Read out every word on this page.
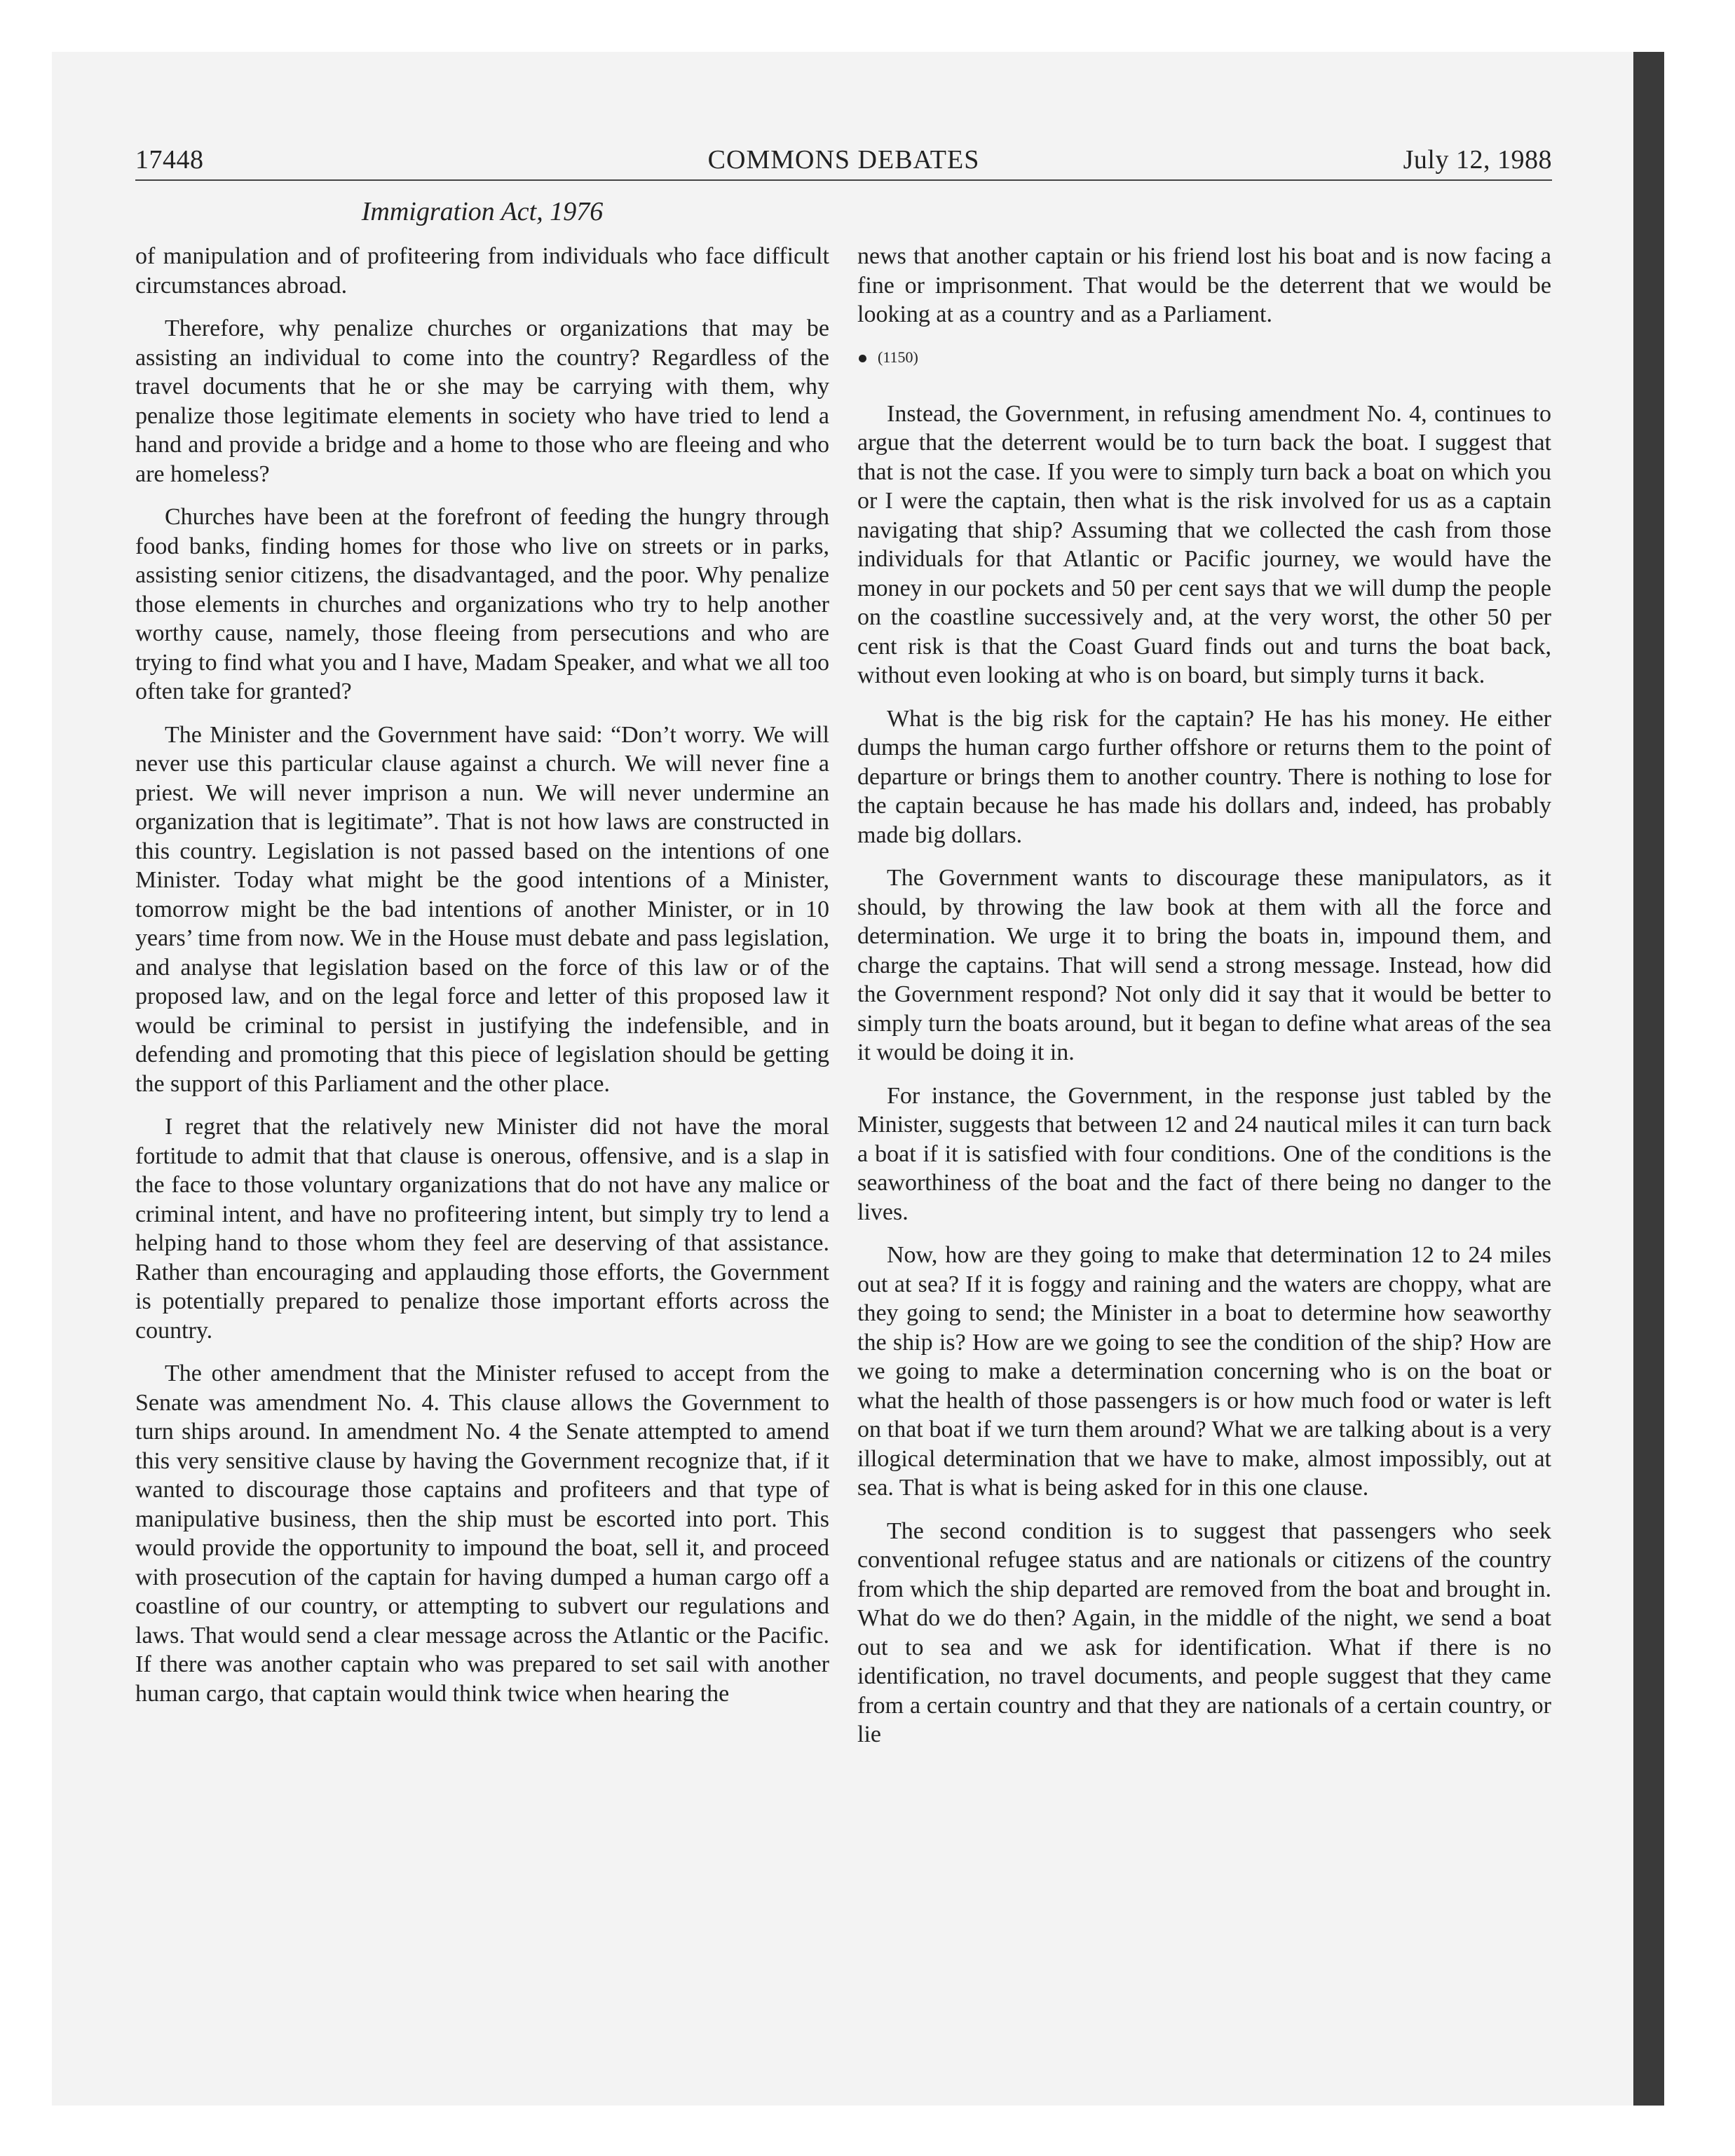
17448	COMMONS DEBATES	July 12, 1988
Immigration Act, 1976

of manipulation and of profiteering from individuals who face difficult circumstances abroad.

Therefore, why penalize churches or organizations that may be assisting an individual to come into the country? Regardless of the travel documents that he or she may be carrying with them, why penalize those legitimate elements in society who have tried to lend a hand and provide a bridge and a home to those who are fleeing and who are homeless?

Churches have been at the forefront of feeding the hungry through food banks, finding homes for those who live on streets or in parks, assisting senior citizens, the disadvantaged, and the poor. Why penalize those elements in churches and organizations who try to help another worthy cause, namely, those fleeing from persecutions and who are trying to find what you and I have, Madam Speaker, and what we all too often take for granted?

The Minister and the Government have said: “Don’t worry. We will never use this particular clause against a church. We will never fine a priest. We will never imprison a nun. We will never undermine an organization that is legitimate”. That is not how laws are constructed in this country. Legislation is not passed based on the intentions of one Minister. Today what might be the good intentions of a Minister, tomorrow might be the bad intentions of another Minister, or in 10 years’ time from now. We in the House must debate and pass legislation, and analyse that legislation based on the force of this law or of the proposed law, and on the legal force and letter of this proposed law it would be criminal to persist in justifying the indefensible, and in defending and promoting that this piece of legislation should be getting the support of this Parliament and the other place.

I regret that the relatively new Minister did not have the moral fortitude to admit that that clause is onerous, offensive, and is a slap in the face to those voluntary organizations that do not have any malice or criminal intent, and have no profiteering intent, but simply try to lend a helping hand to those whom they feel are deserving of that assistance. Rather than encouraging and applauding those efforts, the Government is potentially prepared to penalize those important efforts across the country.

The other amendment that the Minister refused to accept from the Senate was amendment No. 4. This clause allows the Government to turn ships around. In amendment No. 4 the Senate attempted to amend this very sensitive clause by having the Government recognize that, if it wanted to discourage those captains and profiteers and that type of manipulative business, then the ship must be escorted into port. This would provide the opportunity to impound the boat, sell it, and proceed with prosecution of the captain for having dumped a human cargo off a coastline of our country, or attempting to subvert our regulations and laws. That would send a clear message across the Atlantic or the Pacific. If there was another captain who was prepared to set sail with another human cargo, that captain would think twice when hearing the

news that another captain or his friend lost his boat and is now facing a fine or imprisonment. That would be the deterrent that we would be looking at as a country and as a Parliament.

(1150)

Instead, the Government, in refusing amendment No. 4, continues to argue that the deterrent would be to turn back the boat. I suggest that that is not the case. If you were to simply turn back a boat on which you or I were the captain, then what is the risk involved for us as a captain navigating that ship? Assuming that we collected the cash from those individuals for that Atlantic or Pacific journey, we would have the money in our pockets and 50 per cent says that we will dump the people on the coastline successively and, at the very worst, the other 50 per cent risk is that the Coast Guard finds out and turns the boat back, without even looking at who is on board, but simply turns it back.

What is the big risk for the captain? He has his money. He either dumps the human cargo further offshore or returns them to the point of departure or brings them to another country. There is nothing to lose for the captain because he has made his dollars and, indeed, has probably made big dollars.

The Government wants to discourage these manipulators, as it should, by throwing the law book at them with all the force and determination. We urge it to bring the boats in, impound them, and charge the captains. That will send a strong message. Instead, how did the Government respond? Not only did it say that it would be better to simply turn the boats around, but it began to define what areas of the sea it would be doing it in.

For instance, the Government, in the response just tabled by the Minister, suggests that between 12 and 24 nautical miles it can turn back a boat if it is satisfied with four conditions. One of the conditions is the seaworthiness of the boat and the fact of there being no danger to the lives.

Now, how are they going to make that determination 12 to 24 miles out at sea? If it is foggy and raining and the waters are choppy, what are they going to send; the Minister in a boat to determine how seaworthy the ship is? How are we going to see the condition of the ship? How are we going to make a determination concerning who is on the boat or what the health of those passengers is or how much food or water is left on that boat if we turn them around? What we are talking about is a very illogical determination that we have to make, almost impossibly, out at sea. That is what is being asked for in this one clause.

The second condition is to suggest that passengers who seek conventional refugee status and are nationals or citizens of the country from which the ship departed are removed from the boat and brought in. What do we do then? Again, in the middle of the night, we send a boat out to sea and we ask for identification. What if there is no identification, no travel documents, and people suggest that they came from a certain country and that they are nationals of a certain country, or lie
